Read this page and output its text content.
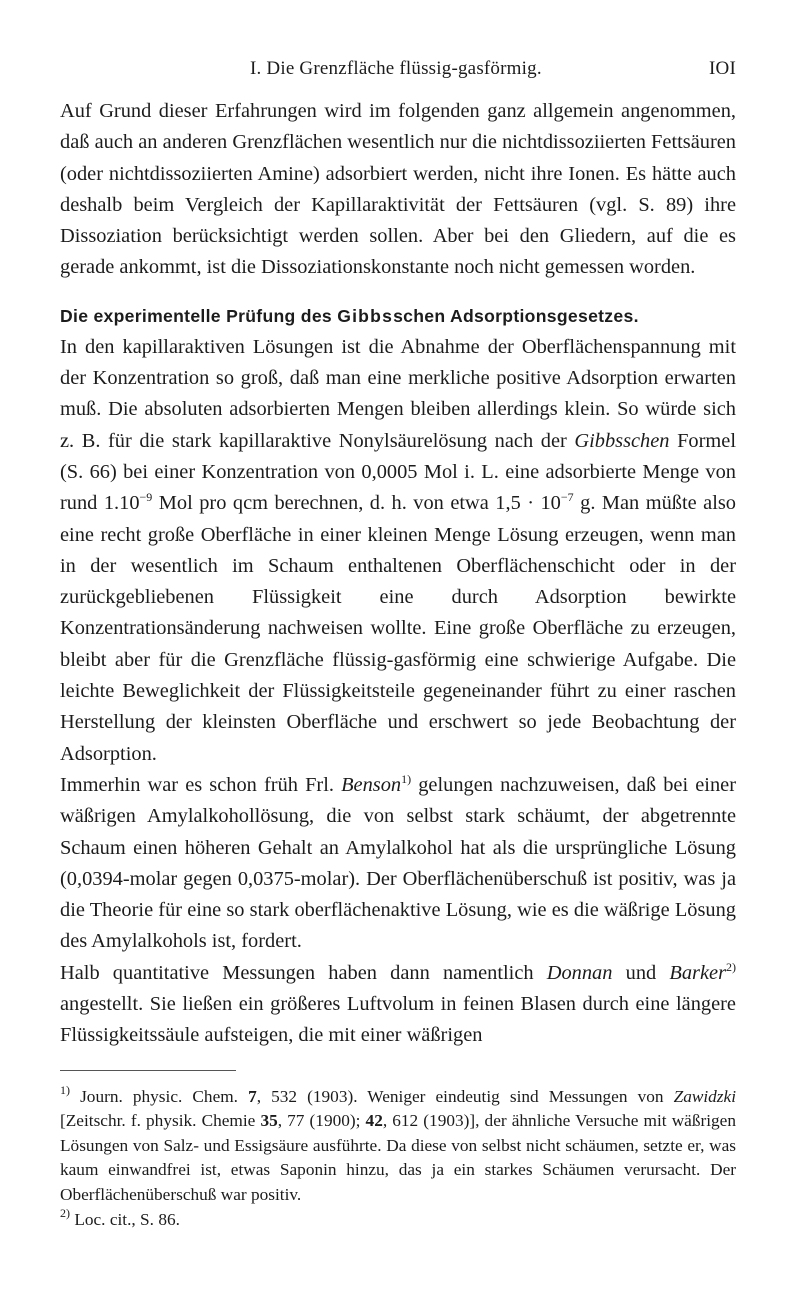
I. Die Grenzfläche flüssig-gasförmig.	IOI

Auf Grund dieser Erfahrungen wird im folgenden ganz allgemein angenommen, daß auch an anderen Grenzflächen wesentlich nur die nichtdissoziierten Fettsäuren (oder nichtdissoziierten Amine) adsorbiert werden, nicht ihre Ionen. Es hätte auch deshalb beim Vergleich der Kapillaraktivität der Fettsäuren (vgl. S. 89) ihre Dissoziation berücksichtigt werden sollen. Aber bei den Gliedern, auf die es gerade ankommt, ist die Dissoziationskonstante noch nicht gemessen worden.

Die experimentelle Prüfung des Gibbsschen Adsorptionsgesetzes.

In den kapillaraktiven Lösungen ist die Abnahme der Oberflächenspannung mit der Konzentration so groß, daß man eine merkliche positive Adsorption erwarten muß. Die absoluten adsorbierten Mengen bleiben allerdings klein. So würde sich z. B. für die stark kapillaraktive Nonylsäurelösung nach der Gibbsschen Formel (S. 66) bei einer Konzentration von 0,0005 Mol i. L. eine adsorbierte Menge von rund $1.10^{-9}$ Mol pro qcm berechnen, d. h. von etwa $1,5 \cdot 10^{-7}$ g. Man müßte also eine recht große Oberfläche in einer kleinen Menge Lösung erzeugen, wenn man in der wesentlich im Schaum enthaltenen Oberflächenschicht oder in der zurückgebliebenen Flüssigkeit eine durch Adsorption bewirkte Konzentrationsänderung nachweisen wollte. Eine große Oberfläche zu erzeugen, bleibt aber für die Grenzfläche flüssig-gasförmig eine schwierige Aufgabe. Die leichte Beweglichkeit der Flüssigkeitsteile gegeneinander führt zu einer raschen Herstellung der kleinsten Oberfläche und erschwert so jede Beobachtung der Adsorption.

Immerhin war es schon früh Frl. Benson$^{1)}$ gelungen nachzuweisen, daß bei einer wäßrigen Amylalkohollösung, die von selbst stark schäumt, der abgetrennte Schaum einen höheren Gehalt an Amylalkohol hat als die ursprüngliche Lösung (0,0394-molar gegen 0,0375-molar). Der Oberflächenüberschuß ist positiv, was ja die Theorie für eine so stark oberflächenaktive Lösung, wie es die wäßrige Lösung des Amylalkohols ist, fordert.

Halb quantitative Messungen haben dann namentlich Donnan und Barker$^{2)}$ angestellt. Sie ließen ein größeres Luftvolum in feinen Blasen durch eine längere Flüssigkeitssäule aufsteigen, die mit einer wäßrigen

$^{1)}$ Journ. physic. Chem. 7, 532 (1903). Weniger eindeutig sind Messungen von Zawidzki [Zeitschr. f. physik. Chemie 35, 77 (1900); 42, 612 (1903)], der ähnliche Versuche mit wäßrigen Lösungen von Salz- und Essigsäure ausführte. Da diese von selbst nicht schäumen, setzte er, was kaum einwandfrei ist, etwas Saponin hinzu, das ja ein starkes Schäumen verursacht. Der Oberflächenüberschuß war positiv.

$^{2)}$ Loc. cit., S. 86.
